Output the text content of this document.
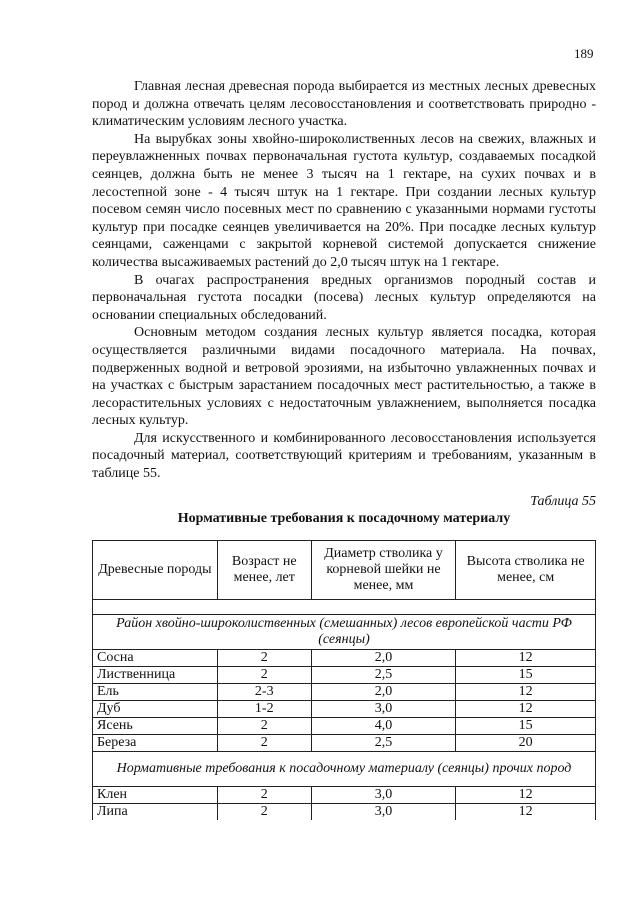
189

Главная лесная древесная порода выбирается из местных лесных древесных пород и должна отвечать целям лесовосстановления и соответствовать природно - климатическим условиям лесного участка.

На вырубках зоны хвойно-широколиственных лесов на свежих, влажных и переувлажненных почвах первоначальная густота культур, создаваемых посадкой сеянцев, должна быть не менее 3 тысяч на 1 гектаре, на сухих почвах и в лесостепной зоне - 4 тысяч штук на 1 гектаре. При создании лесных культур посевом семян число посевных мест по сравнению с указанными нормами густоты культур при посадке сеянцев увеличивается на 20%. При посадке лесных культур сеянцами, саженцами с закрытой корневой системой допускается снижение количества высаживаемых растений до 2,0 тысяч штук на 1 гектаре.

В очагах распространения вредных организмов породный состав и первоначальная густота посадки (посева) лесных культур определяются на основании специальных обследований.

Основным методом создания лесных культур является посадка, которая осуществляется различными видами посадочного материала. На почвах, подверженных водной и ветровой эрозиями, на избыточно увлажненных почвах и на участках с быстрым зарастанием посадочных мест растительностью, а также в лесорастительных условиях с недостаточным увлажнением, выполняется посадка лесных культур.

Для искусственного и комбинированного лесовосстановления используется посадочный материал, соответствующий критериям и требованиям, указанным в таблице 55.

Таблица 55
Нормативные требования к посадочному материалу
Древесные породы	Возраст не менее, лет	Диаметр стволика у корневой шейки не менее, мм	Высота стволика не менее, см

Район хвойно-широколиственных (смешанных) лесов европейской части РФ (сеянцы)			
Сосна	2	2,0	12
Лиственница	2	2,5	15
Ель	2-3	2,0	12
Дуб	1-2	3,0	12
Ясень	2	4,0	15
Береза	2	2,5	20
Нормативные требования к посадочному материалу (сеянцы) прочих пород			
Клен	2	3,0	12
Липа	2	3,0	12
